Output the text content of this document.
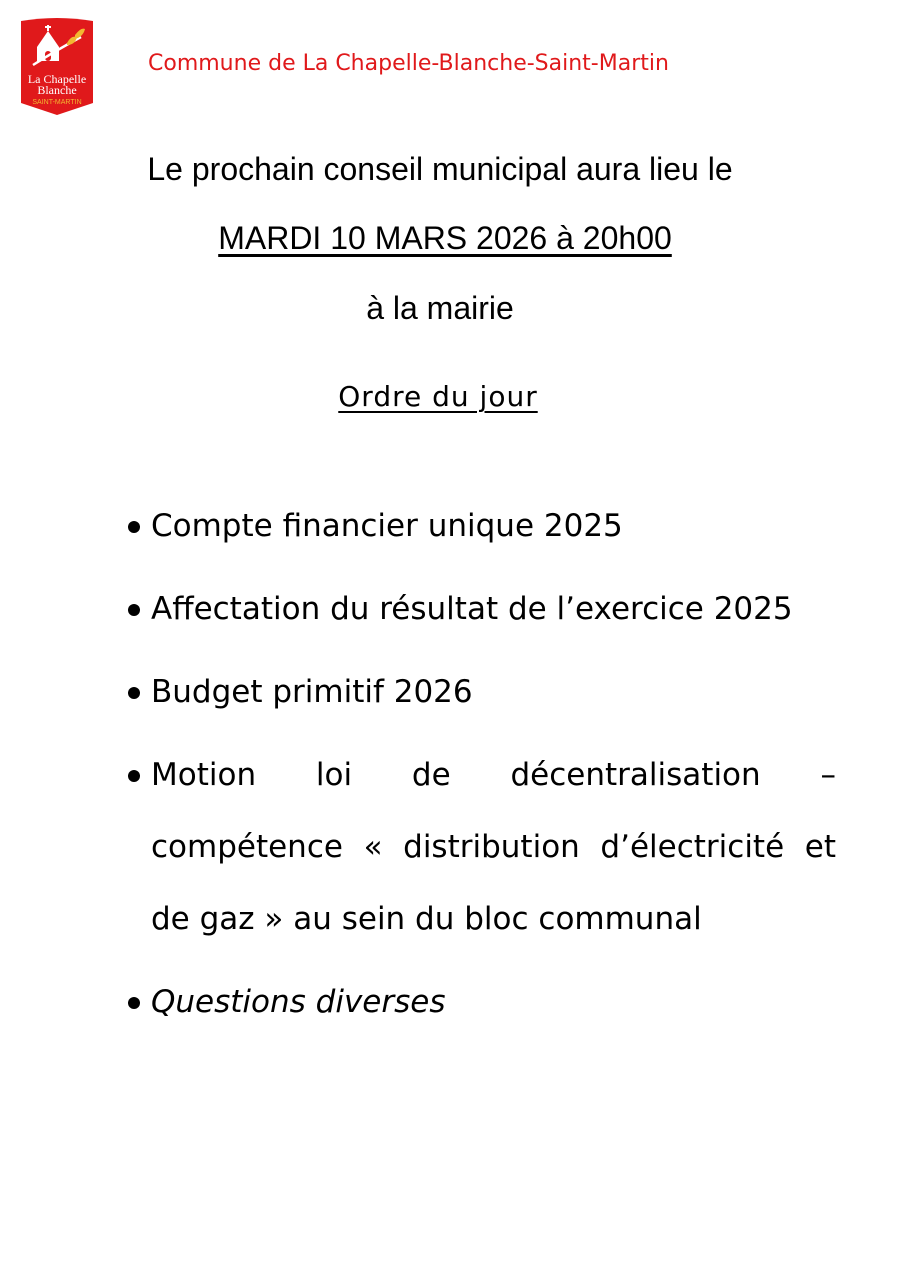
La Chapelle
Blanche
SAINT-MARTIN
Commune de La Chapelle-Blanche-Saint-Martin
Le prochain conseil municipal aura lieu le
MARDI 10 MARS 2026 à 20h00
à la mairie
Ordre du jour
Compte financier unique 2025
Affectation du résultat de l’exercice 2025
Budget primitif 2026
Motion loi de décentralisation – compétence « distribution d’électricité et de gaz » au sein du bloc communal
Questions diverses
